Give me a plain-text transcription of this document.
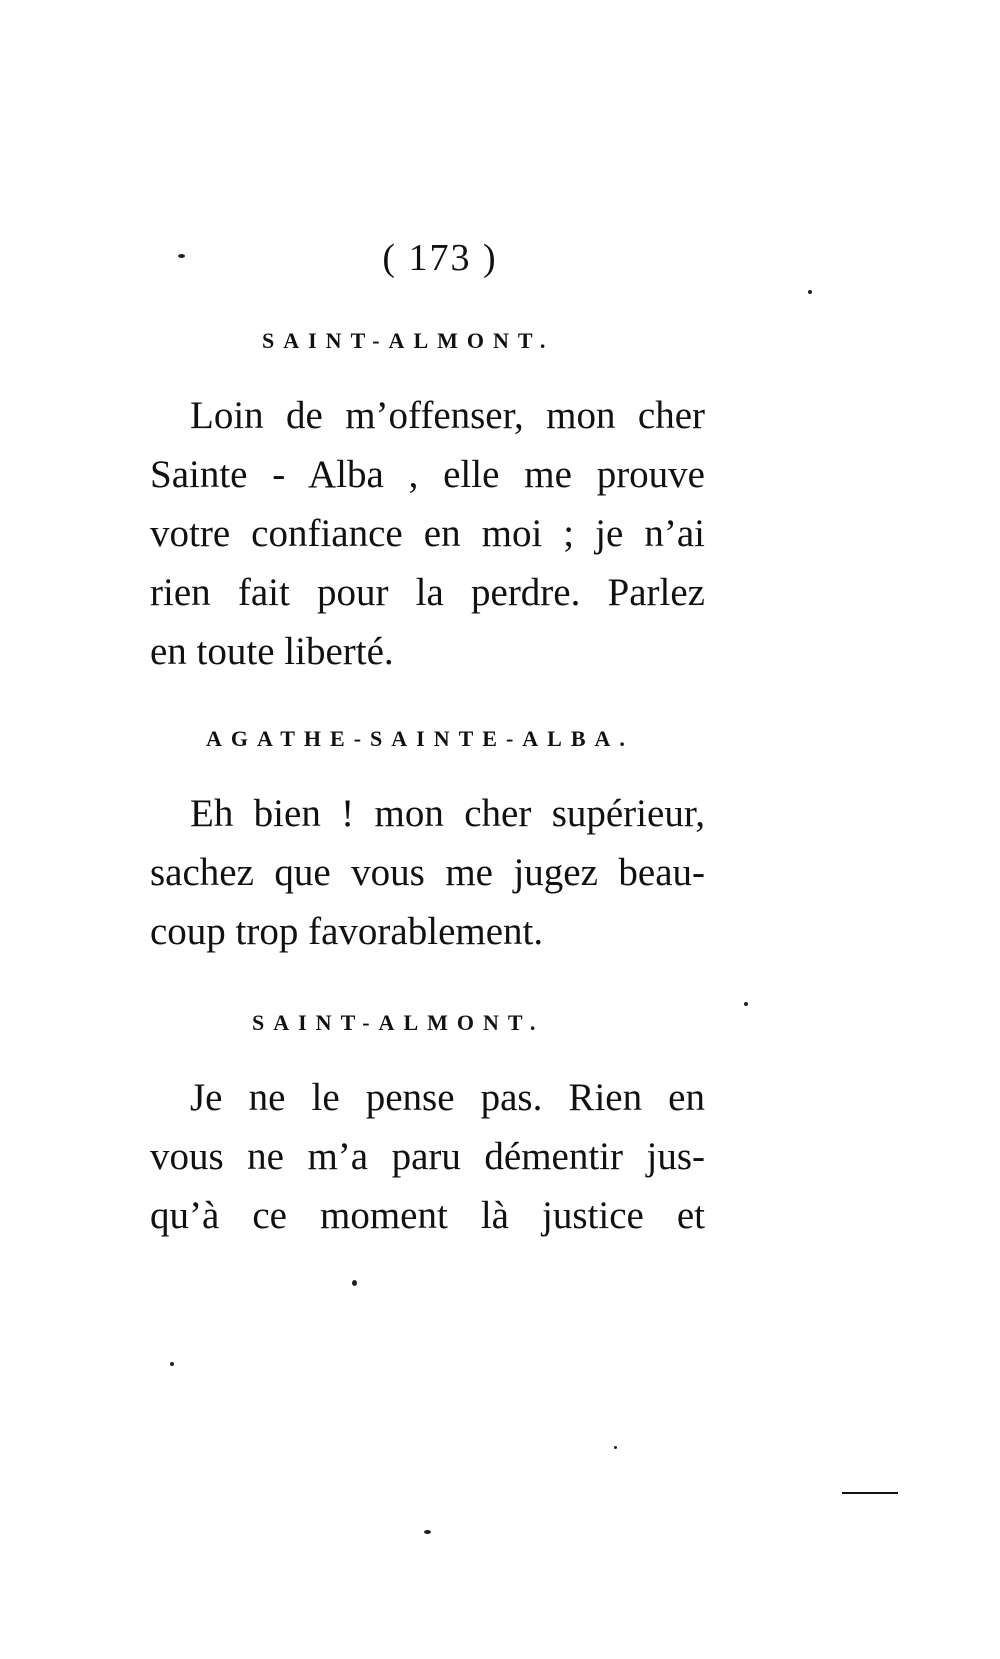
( 173 )
SAINT-ALMONT.
Loin de m’offenser, mon cher
Sainte - Alba , elle me prouve
votre confiance en moi ; je n’ai
rien fait pour la perdre. Parlez
en toute liberté.
AGATHE-SAINTE-ALBA.
Eh bien ! mon cher supérieur,
sachez que vous me jugez beau-
coup trop favorablement.
SAINT-ALMONT.
Je ne le pense pas. Rien en
vous ne m’a paru démentir jus-
qu’à ce moment là justice et
